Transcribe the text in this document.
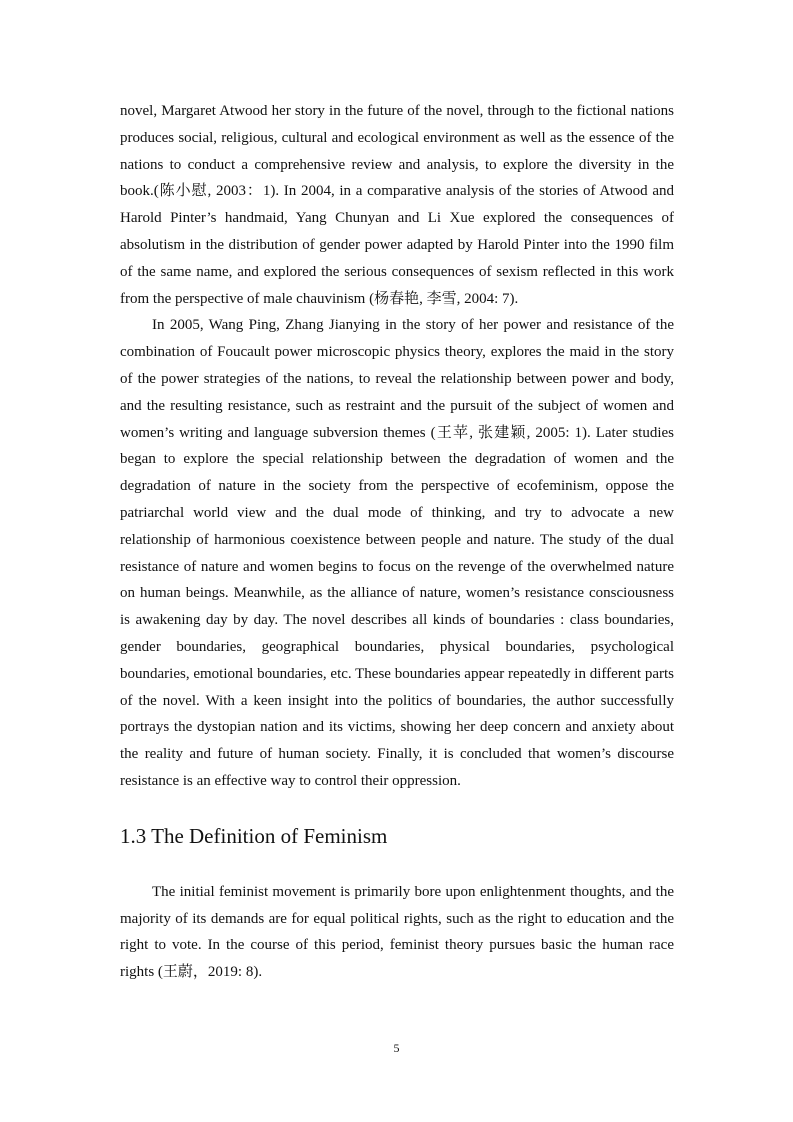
novel, Margaret Atwood her story in the future of the novel, through to the fictional nations produces social, religious, cultural and ecological environment as well as the essence of the nations to conduct a comprehensive review and analysis, to explore the diversity in the book.(陈小慰, 2003：1). In 2004, in a comparative analysis of the stories of Atwood and Harold Pinter’s handmaid, Yang Chunyan and Li Xue explored the consequences of absolutism in the distribution of gender power adapted by Harold Pinter into the 1990 film of the same name, and explored the serious consequences of sexism reflected in this work from the perspective of male chauvinism (杨春艳, 李雪, 2004: 7).

In 2005, Wang Ping, Zhang Jianying in the story of her power and resistance of the combination of Foucault power microscopic physics theory, explores the maid in the story of the power strategies of the nations, to reveal the relationship between power and body, and the resulting resistance, such as restraint and the pursuit of the subject of women and women’s writing and language subversion themes (王苹, 张建颖, 2005: 1). Later studies began to explore the special relationship between the degradation of women and the degradation of nature in the society from the perspective of ecofeminism, oppose the patriarchal world view and the dual mode of thinking, and try to advocate a new relationship of harmonious coexistence between people and nature. The study of the dual resistance of nature and women begins to focus on the revenge of the overwhelmed nature on human beings. Meanwhile, as the alliance of nature, women’s resistance consciousness is awakening day by day. The novel describes all kinds of boundaries : class boundaries, gender boundaries, geographical boundaries, physical boundaries, psychological boundaries, emotional boundaries, etc. These boundaries appear repeatedly in different parts of the novel. With a keen insight into the politics of boundaries, the author successfully portrays the dystopian nation and its victims, showing her deep concern and anxiety about the reality and future of human society. Finally, it is concluded that women’s discourse resistance is an effective way to control their oppression.

1.3 The Definition of Feminism

The initial feminist movement is primarily bore upon enlightenment thoughts, and the majority of its demands are for equal political rights, such as the right to education and the right to vote. In the course of this period, feminist theory pursues basic the human race rights (王蔚，2019: 8).

5
